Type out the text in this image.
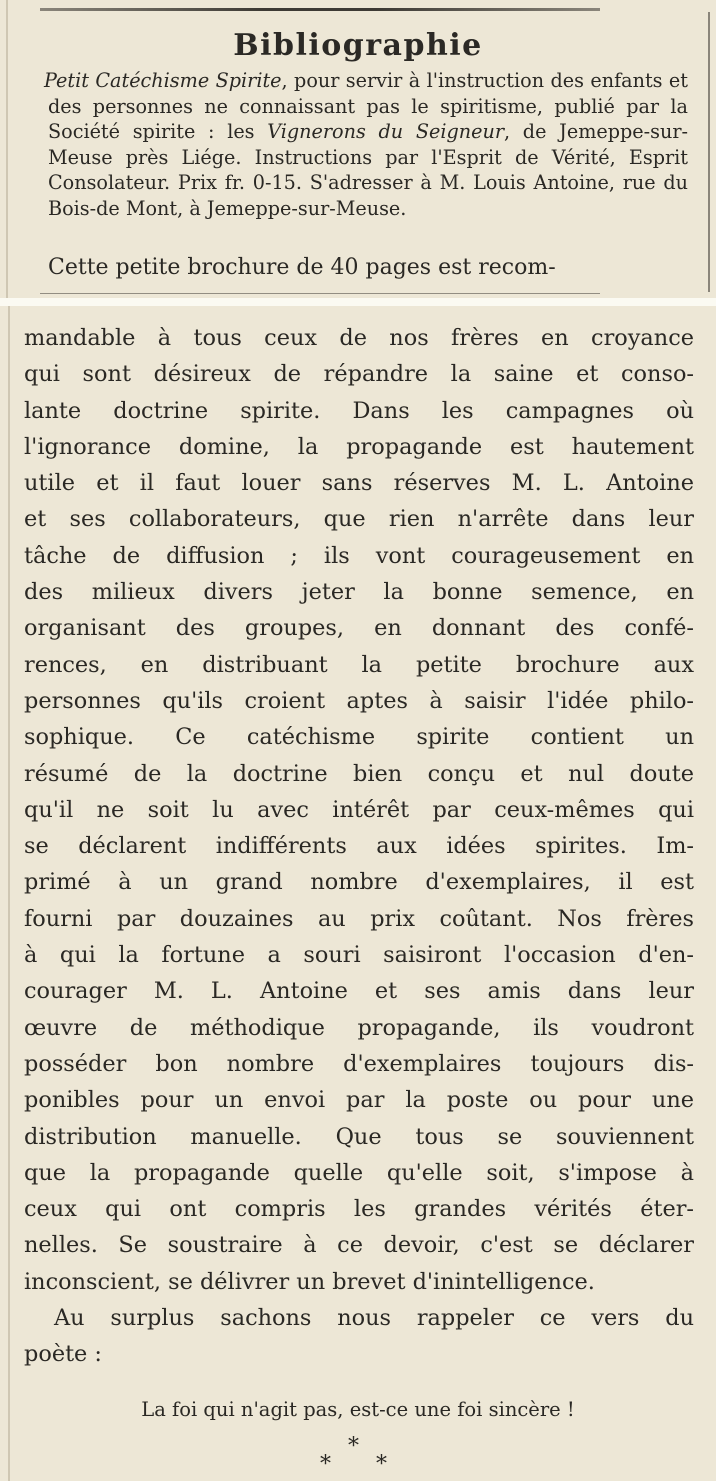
Bibliographie

Petit Catéchisme Spirite, pour servir à l'instruction des enfants et des personnes ne connaissant pas le spiritisme, publié par la Société spirite : les Vignerons du Seigneur, de Jemeppe-sur-Meuse près Liége. Instructions par l'Esprit de Vérité, Esprit Consolateur. Prix fr. 0-15. S'adresser à M. Louis Antoine, rue du Bois-de Mont, à Jemeppe-sur-Meuse.

Cette petite brochure de 40 pages est recom-

mandable à tous ceux de nos frères en croyance
qui sont désireux de répandre la saine et conso-
lante doctrine spirite. Dans les campagnes où
l'ignorance domine, la propagande est hautement
utile et il faut louer sans réserves M. L. Antoine
et ses collaborateurs, que rien n'arrête dans leur
tâche de diffusion ; ils vont courageusement en
des milieux divers jeter la bonne semence, en
organisant des groupes, en donnant des confé-
rences, en distribuant la petite brochure aux
personnes qu'ils croient aptes à saisir l'idée philo-
sophique. Ce catéchisme spirite contient un
résumé de la doctrine bien conçu et nul doute
qu'il ne soit lu avec intérêt par ceux-mêmes qui
se déclarent indifférents aux idées spirites. Im-
primé à un grand nombre d'exemplaires, il est
fourni par douzaines au prix coûtant. Nos frères
à qui la fortune a souri saisiront l'occasion d'en-
courager M. L. Antoine et ses amis dans leur
œuvre de méthodique propagande, ils voudront
posséder bon nombre d'exemplaires toujours dis-
ponibles pour un envoi par la poste ou pour une
distribution manuelle. Que tous se souviennent
que la propagande quelle qu'elle soit, s'impose à
ceux qui ont compris les grandes vérités éter-
nelles. Se soustraire à ce devoir, c'est se déclarer
inconscient, se délivrer un brevet d'inintelligence.
Au surplus sachons nous rappeler ce vers du
poète :

La foi qui n'agit pas, est-ce une foi sincère !

*
* *
